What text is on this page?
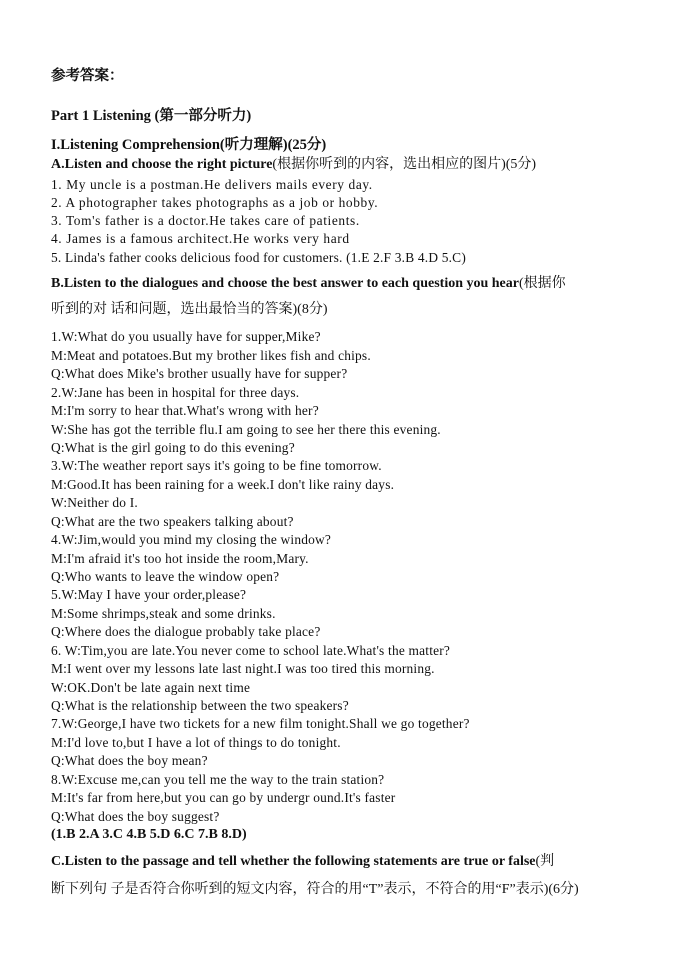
参考答案：
Part 1 Listening (第一部分听力)
I.Listening Comprehension(听力理解)(25分)
A.Listen and choose the right picture(根据你听到的内容，选出相应的图片)(5分)
1. My uncle is a postman.He delivers mails every day.
2. A photographer takes photographs as a job or hobby.
3. Tom's father is a doctor.He takes care of patients.
4. James is a famous architect.He works very hard
5. Linda's father cooks delicious food for customers. (1.E 2.F 3.B 4.D 5.C)
B.Listen to the dialogues and choose the best answer to each question you hear(根据你
听到的对 话和问题，选出最恰当的答案)(8分)
1.W:What do you usually have for supper,Mike?
M:Meat and potatoes.But my brother likes fish and chips.
Q:What does Mike's brother usually have for supper?
2.W:Jane has been in hospital for three days.
M:I'm sorry to hear that.What's wrong with her?
W:She has got the terrible flu.I am going to see her there this evening.
Q:What is the girl going to do this evening?
3.W:The weather report says it's going to be fine tomorrow.
M:Good.It has been raining for a week.I don't like rainy days.
W:Neither do I.
Q:What are the two speakers talking about?
4.W:Jim,would you mind my closing the window?
M:I'm afraid it's too hot inside the room,Mary.
Q:Who wants to leave the window open?
5.W:May I have your order,please?
M:Some shrimps,steak and some drinks.
Q:Where does the dialogue probably take place?
6. W:Tim,you are late.You never come to school late.What's the matter?
M:I went over my lessons late last night.I was too tired this morning.
W:OK.Don't be late again next time
Q:What is the relationship between the two speakers?
7.W:George,I have two tickets for a new film tonight.Shall we go together?
M:I'd love to,but I have a lot of things to do tonight.
Q:What does the boy mean?
8.W:Excuse me,can you tell me the way to the train station?
M:It's far from here,but you can go by undergr ound.It's faster
Q:What does the boy suggest?
(1.B 2.A 3.C 4.B 5.D 6.C 7.B 8.D)
C.Listen to the passage and tell whether the following statements are true or false(判
断下列句 子是否符合你听到的短文内容，符合的用“T”表示，不符合的用“F”表示)(6分)
